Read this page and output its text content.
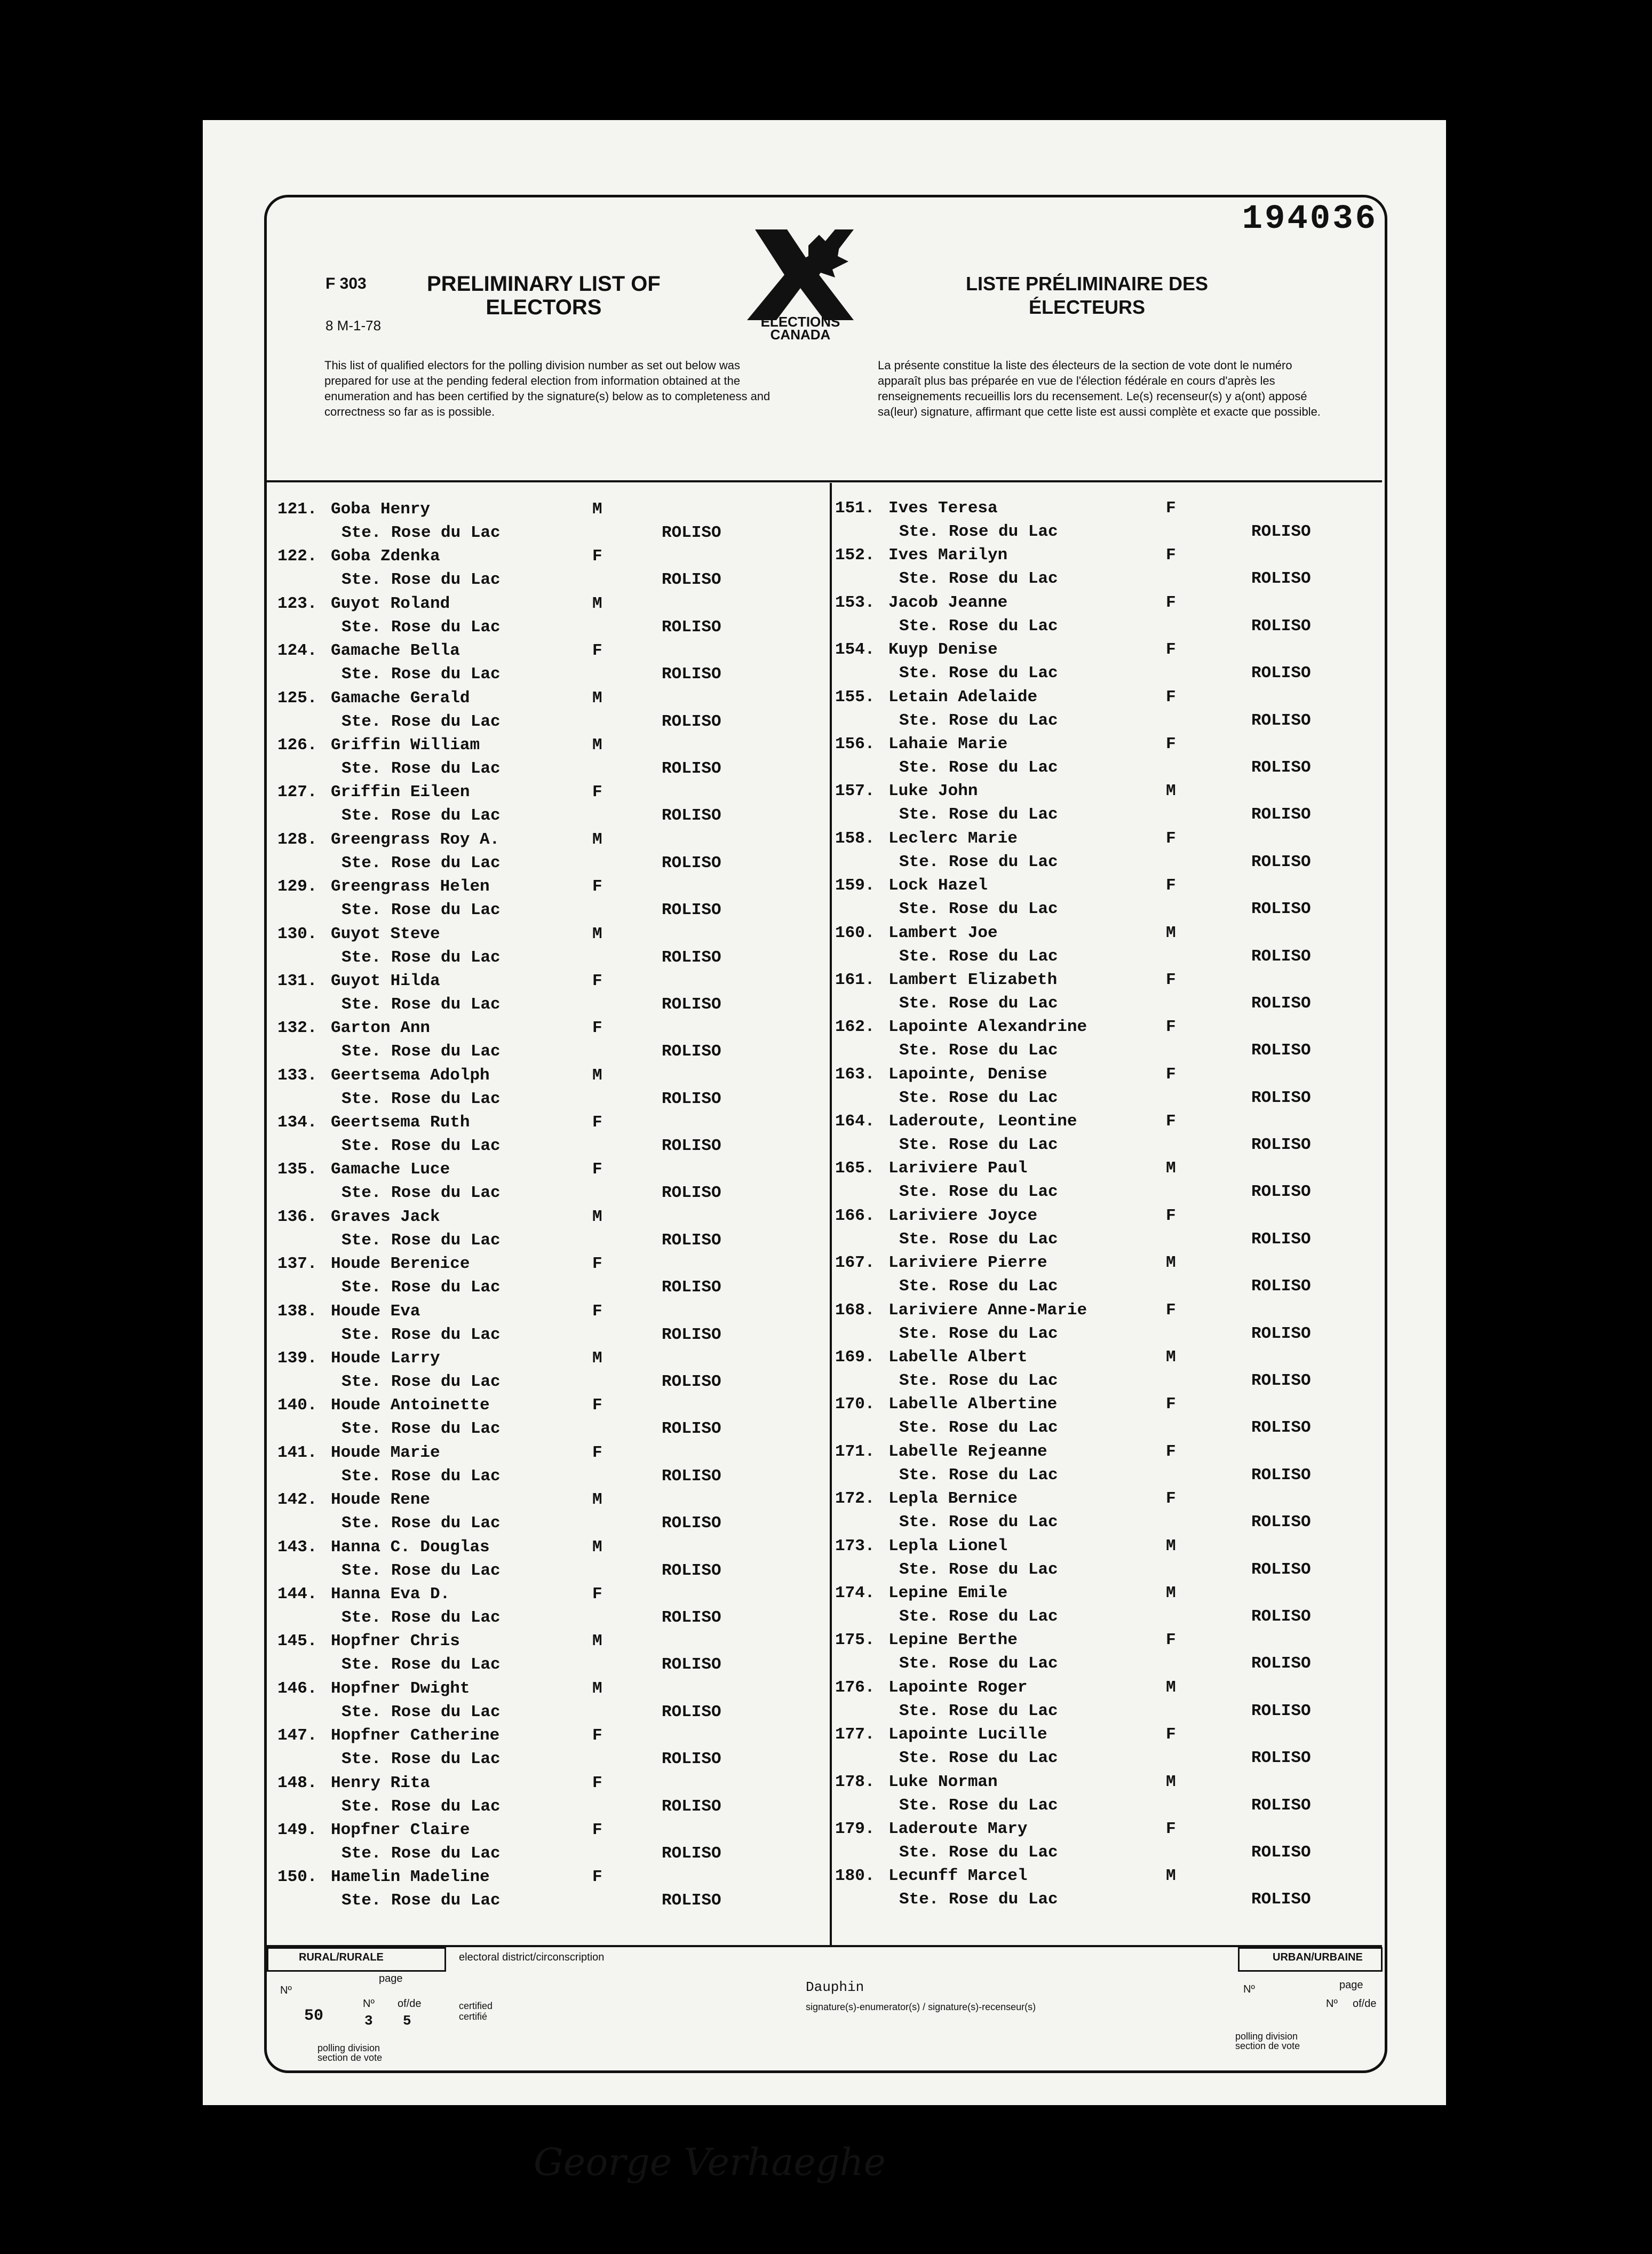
194036
F 303
8 M-1-78
PRELIMINARY LIST OF
ELECTORS
ELECTIONS
CANADA
LISTE PRÉLIMINAIRE DES
ÉLECTEURS
This list of qualified electors for the polling division number as set out below was prepared for use at the pending federal election from information obtained at the enumeration and has been certified by the signature(s) below as to completeness and correctness so far as is possible.
La présente constitue la liste des électeurs de la section de vote dont le numéro apparaît plus bas préparée en vue de l'élection fédérale en cours d'après les renseignements recueillis lors du recensement. Le(s) recenseur(s) y a(ont) apposé sa(leur) signature, affirmant que cette liste est aussi complète et exacte que possible.
121. Goba Henry	M
Ste. Rose du Lac	ROLISO
122. Goba Zdenka	F
Ste. Rose du Lac	ROLISO
123. Guyot Roland	M
Ste. Rose du Lac	ROLISO
124. Gamache Bella	F
Ste. Rose du Lac	ROLISO
125. Gamache Gerald	M
Ste. Rose du Lac	ROLISO
126. Griffin William	M
Ste. Rose du Lac	ROLISO
127. Griffin Eileen	F
Ste. Rose du Lac	ROLISO
128. Greengrass Roy A.	M
Ste. Rose du Lac	ROLISO
129. Greengrass Helen	F
Ste. Rose du Lac	ROLISO
130. Guyot Steve	M
Ste. Rose du Lac	ROLISO
131. Guyot Hilda	F
Ste. Rose du Lac	ROLISO
132. Garton Ann	F
Ste. Rose du Lac	ROLISO
133. Geertsema Adolph	M
Ste. Rose du Lac	ROLISO
134. Geertsema Ruth	F
Ste. Rose du Lac	ROLISO
135. Gamache Luce	F
Ste. Rose du Lac	ROLISO
136. Graves Jack	M
Ste. Rose du Lac	ROLISO
137. Houde Berenice	F
Ste. Rose du Lac	ROLISO
138. Houde Eva	F
Ste. Rose du Lac	ROLISO
139. Houde Larry	M
Ste. Rose du Lac	ROLISO
140. Houde Antoinette	F
Ste. Rose du Lac	ROLISO
141. Houde Marie	F
Ste. Rose du Lac	ROLISO
142. Houde Rene	M
Ste. Rose du Lac	ROLISO
143. Hanna C. Douglas	M
Ste. Rose du Lac	ROLISO
144. Hanna Eva D.	F
Ste. Rose du Lac	ROLISO
145. Hopfner Chris	M
Ste. Rose du Lac	ROLISO
146. Hopfner Dwight	M
Ste. Rose du Lac	ROLISO
147. Hopfner Catherine	F
Ste. Rose du Lac	ROLISO
148. Henry Rita	F
Ste. Rose du Lac	ROLISO
149. Hopfner Claire	F
Ste. Rose du Lac	ROLISO
150. Hamelin Madeline	F
Ste. Rose du Lac	ROLISO
151. Ives Teresa	F
Ste. Rose du Lac	ROLISO
152. Ives Marilyn	F
Ste. Rose du Lac	ROLISO
153. Jacob Jeanne	F
Ste. Rose du Lac	ROLISO
154. Kuyp Denise	F
Ste. Rose du Lac	ROLISO
155. Letain Adelaide	F
Ste. Rose du Lac	ROLISO
156. Lahaie Marie	F
Ste. Rose du Lac	ROLISO
157. Luke John	M
Ste. Rose du Lac	ROLISO
158. Leclerc Marie	F
Ste. Rose du Lac	ROLISO
159. Lock Hazel	F
Ste. Rose du Lac	ROLISO
160. Lambert Joe	M
Ste. Rose du Lac	ROLISO
161. Lambert Elizabeth	F
Ste. Rose du Lac	ROLISO
162. Lapointe Alexandrine	F
Ste. Rose du Lac	ROLISO
163. Lapointe, Denise	F
Ste. Rose du Lac	ROLISO
164. Laderoute, Leontine	F
Ste. Rose du Lac	ROLISO
165. Lariviere Paul	M
Ste. Rose du Lac	ROLISO
166. Lariviere Joyce	F
Ste. Rose du Lac	ROLISO
167. Lariviere Pierre	M
Ste. Rose du Lac	ROLISO
168. Lariviere Anne-Marie	F
Ste. Rose du Lac	ROLISO
169. Labelle Albert	M
Ste. Rose du Lac	ROLISO
170. Labelle Albertine	F
Ste. Rose du Lac	ROLISO
171. Labelle Rejeanne	F
Ste. Rose du Lac	ROLISO
172. Lepla Bernice	F
Ste. Rose du Lac	ROLISO
173. Lepla Lionel	M
Ste. Rose du Lac	ROLISO
174. Lepine Emile	M
Ste. Rose du Lac	ROLISO
175. Lepine Berthe	F
Ste. Rose du Lac	ROLISO
176. Lapointe Roger	M
Ste. Rose du Lac	ROLISO
177. Lapointe Lucille	F
Ste. Rose du Lac	ROLISO
178. Luke Norman	M
Ste. Rose du Lac	ROLISO
179. Laderoute Mary	F
Ste. Rose du Lac	ROLISO
180. Lecunff Marcel	M
Ste. Rose du Lac	ROLISO
RURAL/RURALE	electoral district/circonscription
Dauphin
URBAN/URBAINE
Nº
page
50
Nº
3
of/de
5
polling division
section de vote
certified
certifié
signature(s)-enumerator(s) / signature(s)-recenseur(s)
Nº	page
Nº of/de
polling division
section de vote
George Verhaeghe
